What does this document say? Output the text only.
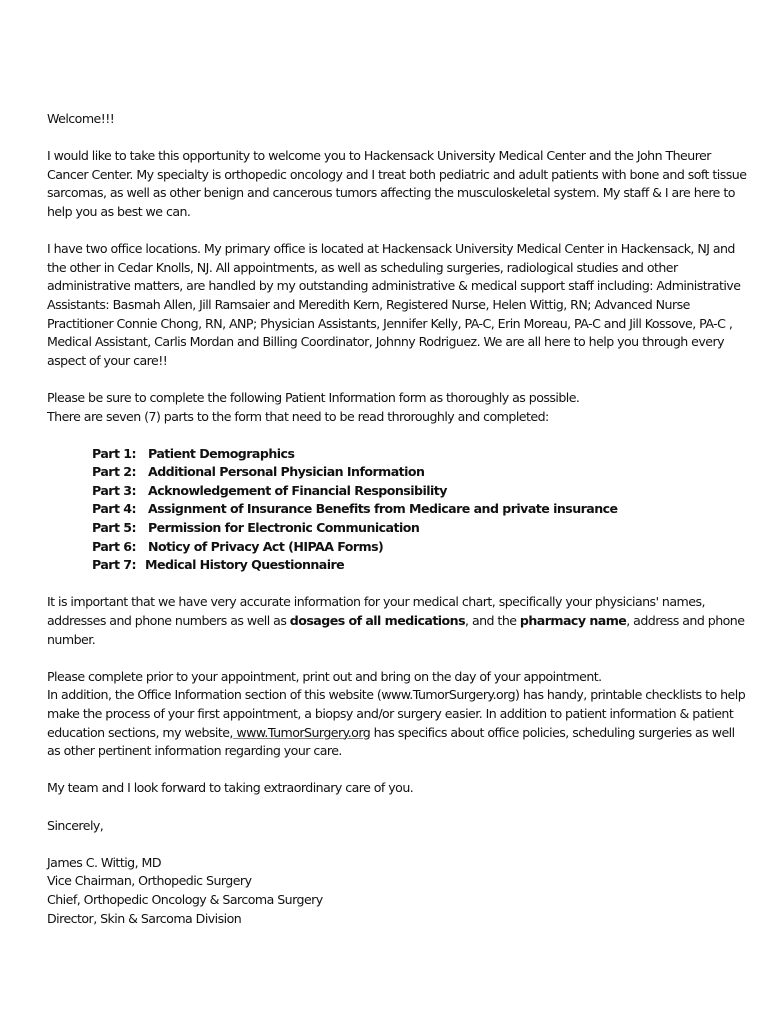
Welcome!!!

I would like to take this opportunity to welcome you to Hackensack University Medical Center and the John Theurer Cancer Center. My specialty is orthopedic oncology and I treat both pediatric and adult patients with bone and soft tissue sarcomas, as well as other benign and cancerous tumors affecting the musculoskeletal system. My staff & I are here to help you as best we can.

I have two office locations. My primary office is located at Hackensack University Medical Center in Hackensack, NJ and the other in Cedar Knolls, NJ. All appointments, as well as scheduling surgeries, radiological studies and other administrative matters, are handled by my outstanding administrative & medical support staff including: Administrative Assistants: Basmah Allen, Jill Ramsaier and Meredith Kern, Registered Nurse, Helen Wittig, RN; Advanced Nurse Practitioner Connie Chong, RN, ANP; Physician Assistants, Jennifer Kelly, PA-C, Erin Moreau, PA-C and Jill Kossove, PA-C , Medical Assistant, Carlis Mordan and Billing Coordinator, Johnny Rodriguez. We are all here to help you through every aspect of your care!!

Please be sure to complete the following Patient Information form as thoroughly as possible.
There are seven (7) parts to the form that need to be read throroughly and completed:

Part 1: Patient Demographics
Part 2: Additional Personal Physician Information
Part 3: Acknowledgement of Financial Responsibility
Part 4: Assignment of Insurance Benefits from Medicare and private insurance
Part 5: Permission for Electronic Communication
Part 6: Noticy of Privacy Act (HIPAA Forms)
Part 7: Medical History Questionnaire

It is important that we have very accurate information for your medical chart, specifically your physicians' names, addresses and phone numbers as well as dosages of all medications, and the pharmacy name, address and phone number.

Please complete prior to your appointment, print out and bring on the day of your appointment.
In addition, the Office Information section of this website (www.TumorSurgery.org) has handy, printable checklists to help make the process of your first appointment, a biopsy and/or surgery easier. In addition to patient information & patient education sections, my website, www.TumorSurgery.org has specifics about office policies, scheduling surgeries as well as other pertinent information regarding your care.

My team and I look forward to taking extraordinary care of you.

Sincerely,

James C. Wittig, MD
Vice Chairman, Orthopedic Surgery
Chief, Orthopedic Oncology & Sarcoma Surgery
Director, Skin & Sarcoma Division
